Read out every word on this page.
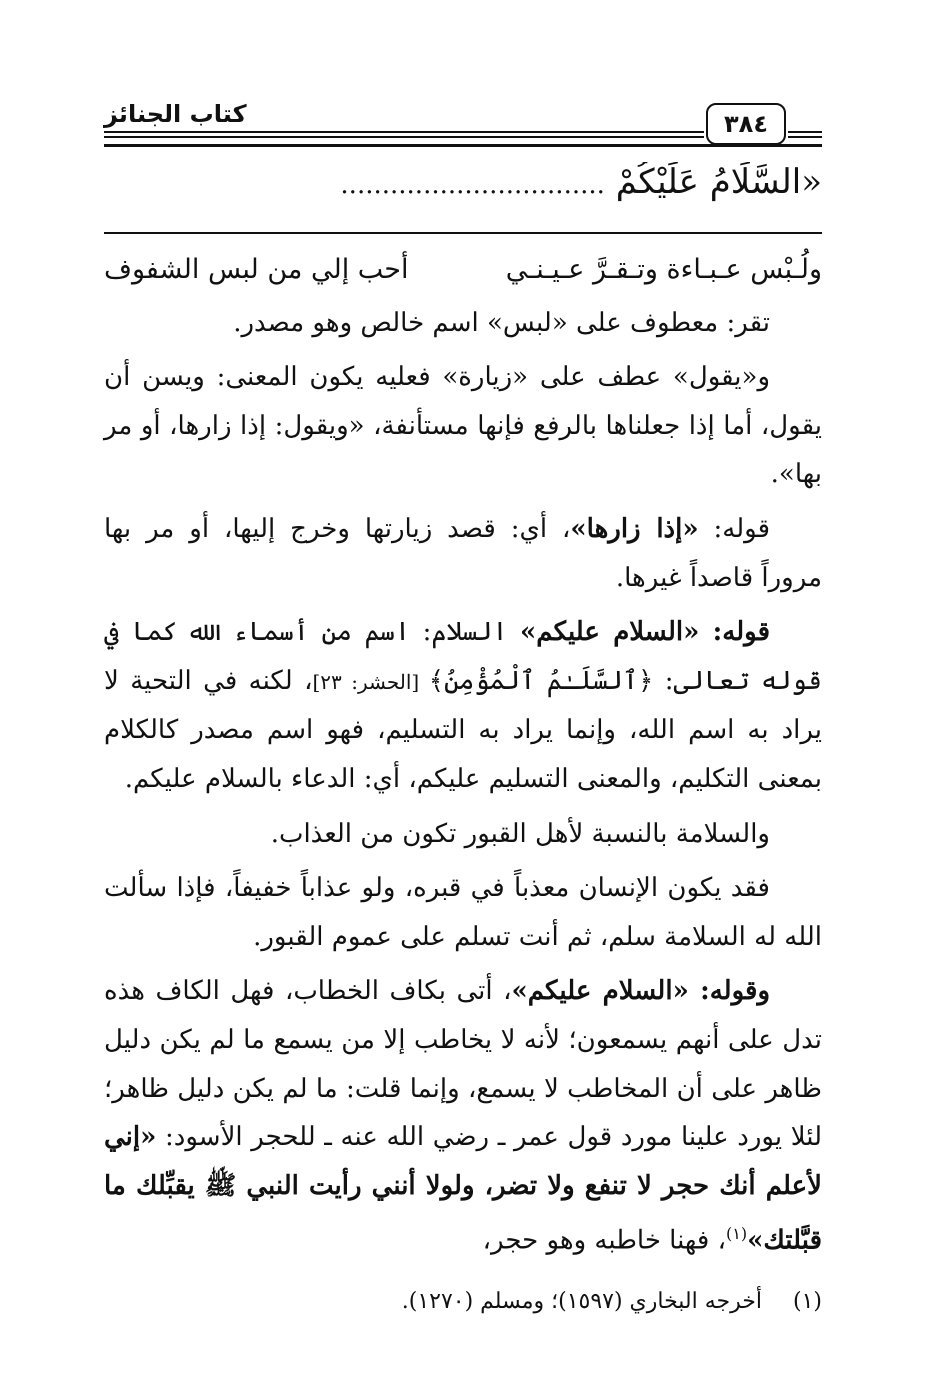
كتاب الجنائز	٣٨٤
«السَّلَامُ عَلَيْكُمْ ................................
ولُـبْس عـبـاءة وتـقـرَّ عـيـنـي
أحب إلي من لبس الشفوف

تقر: معطوف على «لبس» اسم خالص وهو مصدر.

و«يقول» عطف على «زيارة» فعليه يكون المعنى: ويسن أن يقول، أما إذا جعلناها بالرفع فإنها مستأنفة، «ويقول: إذا زارها، أو مر بها».

قوله: «إذا زارها»، أي: قصد زيارتها وخرج إليها، أو مر بها مروراً قاصداً غيرها.

قوله: «السلام عليكم» السلام: اسم من أسماء الله كما في قوله تعالى: ﴿ٱلسَّلَـٰمُ ٱلْمُؤْمِنُ﴾ [الحشر: ٢٣]، لكنه في التحية لا يراد به اسم الله، وإنما يراد به التسليم، فهو اسم مصدر كالكلام بمعنى التكليم، والمعنى التسليم عليكم، أي: الدعاء بالسلام عليكم.

والسلامة بالنسبة لأهل القبور تكون من العذاب.

فقد يكون الإنسان معذباً في قبره، ولو عذاباً خفيفاً، فإذا سألت الله له السلامة سلم، ثم أنت تسلم على عموم القبور.

وقوله: «السلام عليكم»، أتى بكاف الخطاب، فهل الكاف هذه تدل على أنهم يسمعون؛ لأنه لا يخاطب إلا من يسمع ما لم يكن دليل ظاهر على أن المخاطب لا يسمع، وإنما قلت: ما لم يكن دليل ظاهر؛ لئلا يورد علينا مورد قول عمر ـ رضي الله عنه ـ للحجر الأسود: «إني لأعلم أنك حجر لا تنفع ولا تضر، ولولا أنني رأيت النبي ﷺ يقبِّلك ما قبَّلتك»$^{(١)}$، فهنا خاطبه وهو حجر،

(١) أخرجه البخاري (١٥٩٧)؛ ومسلم (١٢٧٠).
